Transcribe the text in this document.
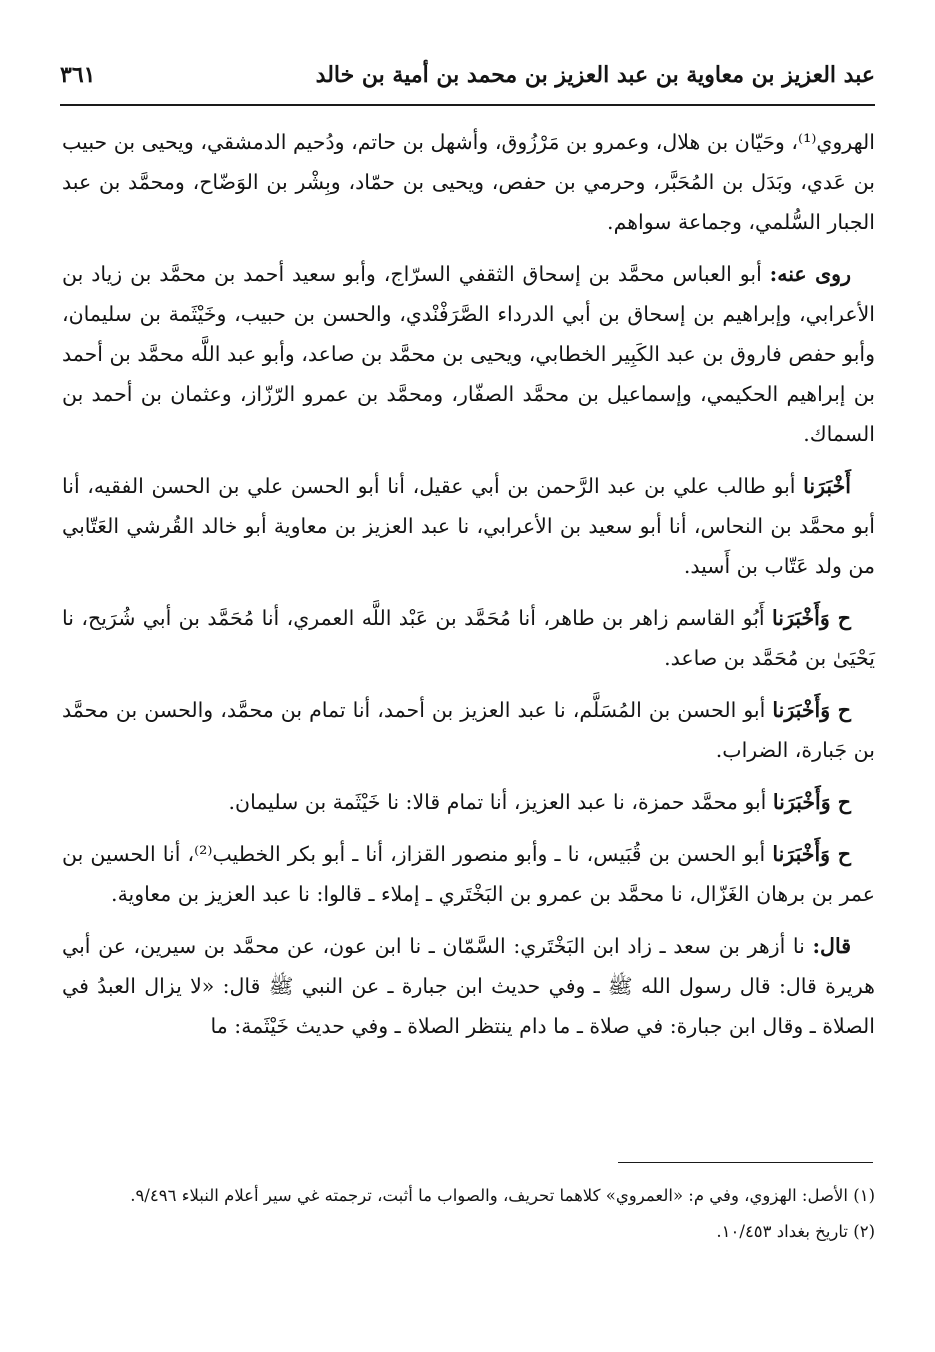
عبد العزيز بن معاوية بن عبد العزيز بن محمد بن أمية بن خالد
٣٦١

الهروي⁽¹⁾، وحَيّان بن هلال، وعمرو بن مَرْزُوق، وأشهل بن حاتم، ودُحيم الدمشقي، ويحيى بن حبيب بن عَدي، وبَدَل بن المُحَبَّر، وحرمي بن حفص، ويحيى بن حمّاد، وبِشْر بن الوَضّاح، ومحمَّد بن عبد الجبار السُّلمي، وجماعة سواهم.

روى عنه: أبو العباس محمَّد بن إسحاق الثقفي السرّاج، وأبو سعيد أحمد بن محمَّد بن زياد بن الأعرابي، وإبراهيم بن إسحاق بن أبي الدرداء الصَّرَفْنْدي، والحسن بن حبيب، وخَيْثَمة بن سليمان، وأبو حفص فاروق بن عبد الكَبِير الخطابي، ويحيى بن محمَّد بن صاعد، وأبو عبد اللَّه محمَّد بن أحمد بن إبراهيم الحكيمي، وإسماعيل بن محمَّد الصفّار، ومحمَّد بن عمرو الرّزّاز، وعثمان بن أحمد بن السماك.

أَخْبَرَنا أبو طالب علي بن عبد الرَّحمن بن أبي عقيل، أنا أبو الحسن علي بن الحسن الفقيه، أنا أبو محمَّد بن النحاس، أنا أبو سعيد بن الأعرابي، نا عبد العزيز بن معاوية أبو خالد القُرشي العَتّابي من ولد عَتّاب بن أَسيد.

ح وَأَخْبَرَنا أَبُو القاسم زاهر بن طاهر، أنا مُحَمَّد بن عَبْد اللَّه العمري، أنا مُحَمَّد بن أبي شُرَيح، نا يَحْيَىٰ بن مُحَمَّد بن صاعد.

ح وَأَخْبَرَنا أبو الحسن بن المُسَلَّم، نا عبد العزيز بن أحمد، أنا تمام بن محمَّد، والحسن بن محمَّد بن جَبارة، الضراب.

ح وَأَخْبَرَنا أبو محمَّد حمزة، نا عبد العزيز، أنا تمام قالا: نا خَيْثَمة بن سليمان.

ح وَأَخْبَرَنا أبو الحسن بن قُبَيس، نا ـ وأبو منصور القزاز، أنا ـ أبو بكر الخطيب⁽²⁾، أنا الحسين بن عمر بن برهان الغَزّال، نا محمَّد بن عمرو بن البَخْتَري ـ إملاء ـ قالوا: نا عبد العزيز بن معاوية.

قال: نا أزهر بن سعد ـ زاد ابن البَخْتَري: السَّمّان ـ نا ابن عون، عن محمَّد بن سيرين، عن أبي هريرة قال: قال رسول الله ﷺ ـ وفي حديث ابن جبارة ـ عن النبي ﷺ قال: «لا يزال العبدُ في الصلاة ـ وقال ابن جبارة: في صلاة ـ ما دام ينتظر الصلاة ـ وفي حديث خَيْثَمة: ما

(١) الأصل: الهزوي، وفي م: «العمروي» كلاهما تحريف، والصواب ما أثبت، ترجمته غي سير أعلام النبلاء ٩/٤٩٦.

(٢) تاريخ بغداد ١٠/٤٥٣.
